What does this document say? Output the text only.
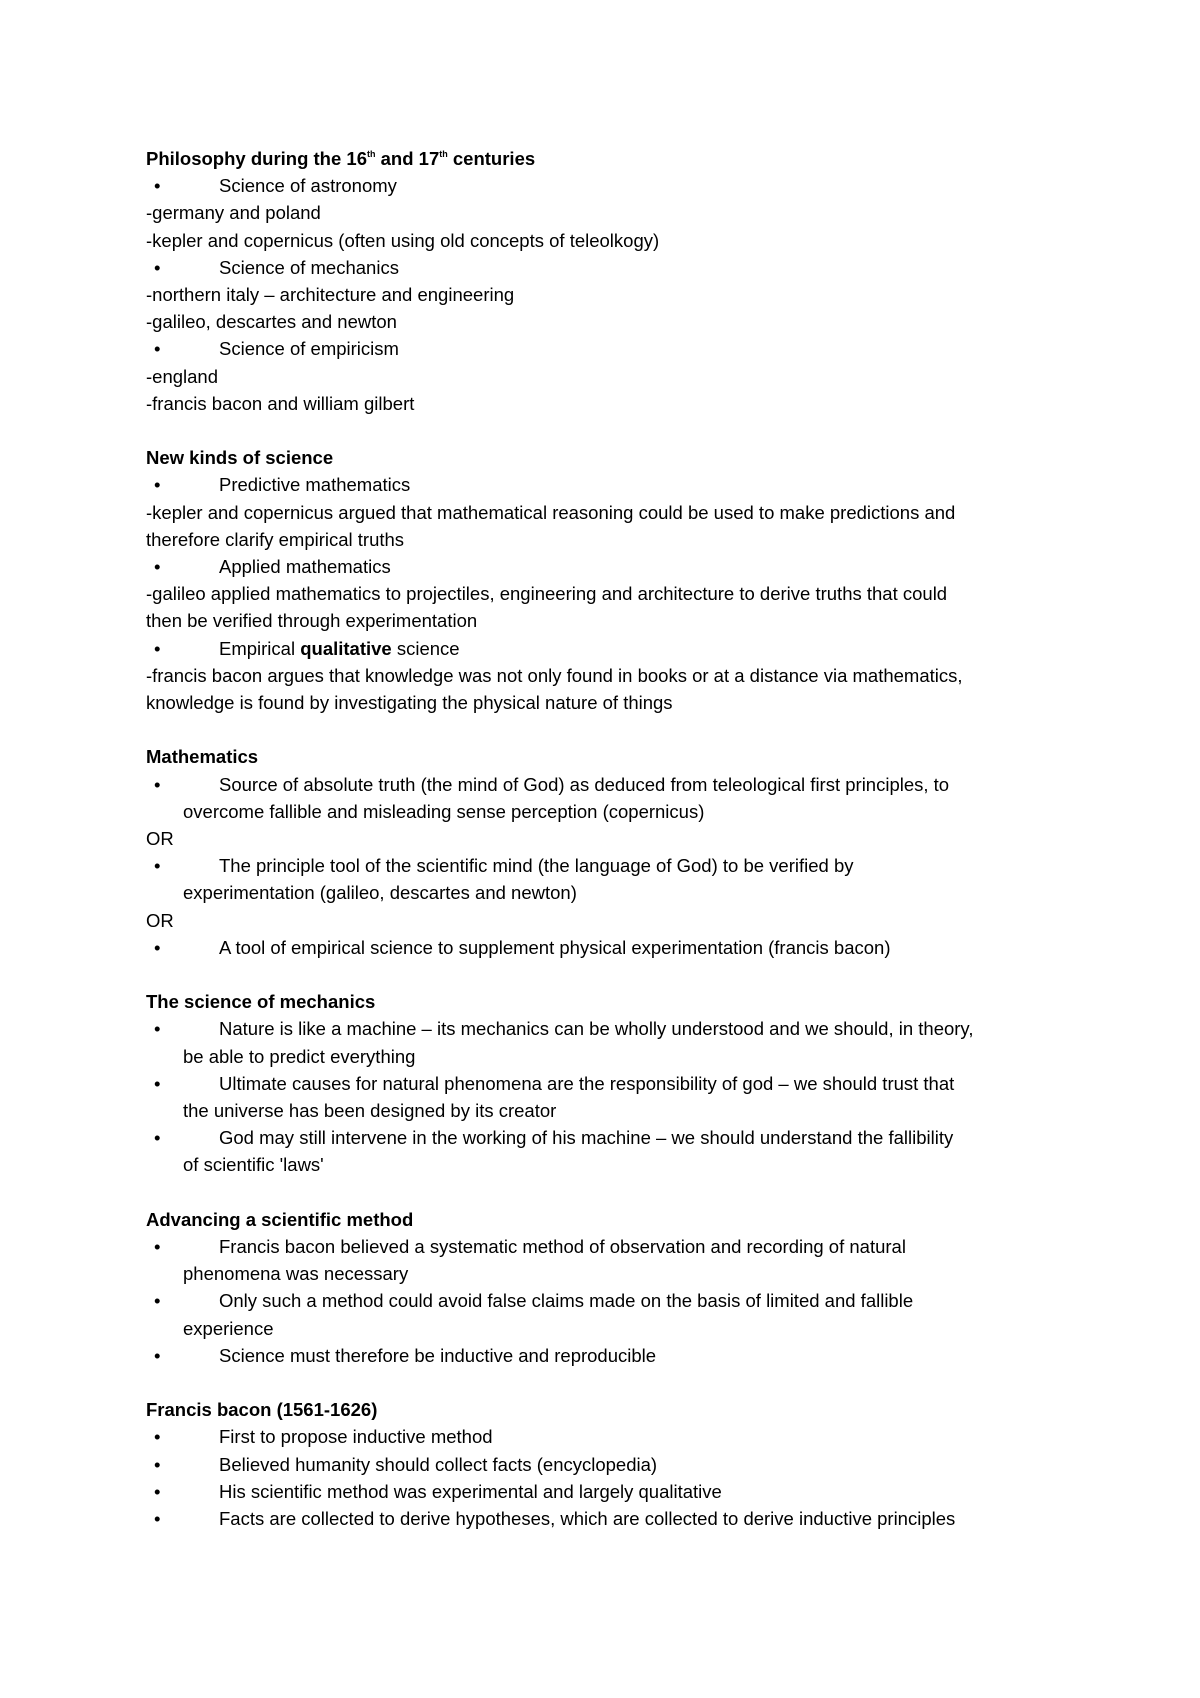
Philosophy during the 16th and 17th centuries
•	Science of astronomy
-germany and poland
-kepler and copernicus (often using old concepts of teleolkogy)
•	Science of mechanics
-northern italy – architecture and engineering
-galileo, descartes and newton
•	Science of empiricism
-england
-francis bacon and william gilbert
New kinds of science
•	Predictive mathematics
-kepler and copernicus argued that mathematical reasoning could be used to make predictions and
therefore clarify empirical truths
•	Applied mathematics
-galileo applied mathematics to projectiles, engineering and architecture to derive truths that could
then be verified through experimentation
•	Empirical qualitative science
-francis bacon argues that knowledge was not only found in books or at a distance via mathematics,
knowledge is found by investigating the physical nature of things
Mathematics
•	Source of absolute truth (the mind of God) as deduced from teleological first principles, to
overcome fallible and misleading sense perception (copernicus)
OR
•	The principle tool of the scientific mind (the language of God) to be verified by
experimentation (galileo, descartes and newton)
OR
•	A tool of empirical science to supplement physical experimentation (francis bacon)
The science of mechanics
•	Nature is like a machine – its mechanics can be wholly understood and we should, in theory,
be able to predict everything
•	Ultimate causes for natural phenomena are the responsibility of god – we should trust that
the universe has been designed by its creator
•	God may still intervene in the working of his machine – we should understand the fallibility
of scientific 'laws'
Advancing a scientific method
•	Francis bacon believed a systematic method of observation and recording of natural
phenomena was necessary
•	Only such a method could avoid false claims made on the basis of limited and fallible
experience
•	Science must therefore be inductive and reproducible
Francis bacon (1561-1626)
•	First to propose inductive method
•	Believed humanity should collect facts (encyclopedia)
•	His scientific method was experimental and largely qualitative
•	Facts are collected to derive hypotheses, which are collected to derive inductive principles
